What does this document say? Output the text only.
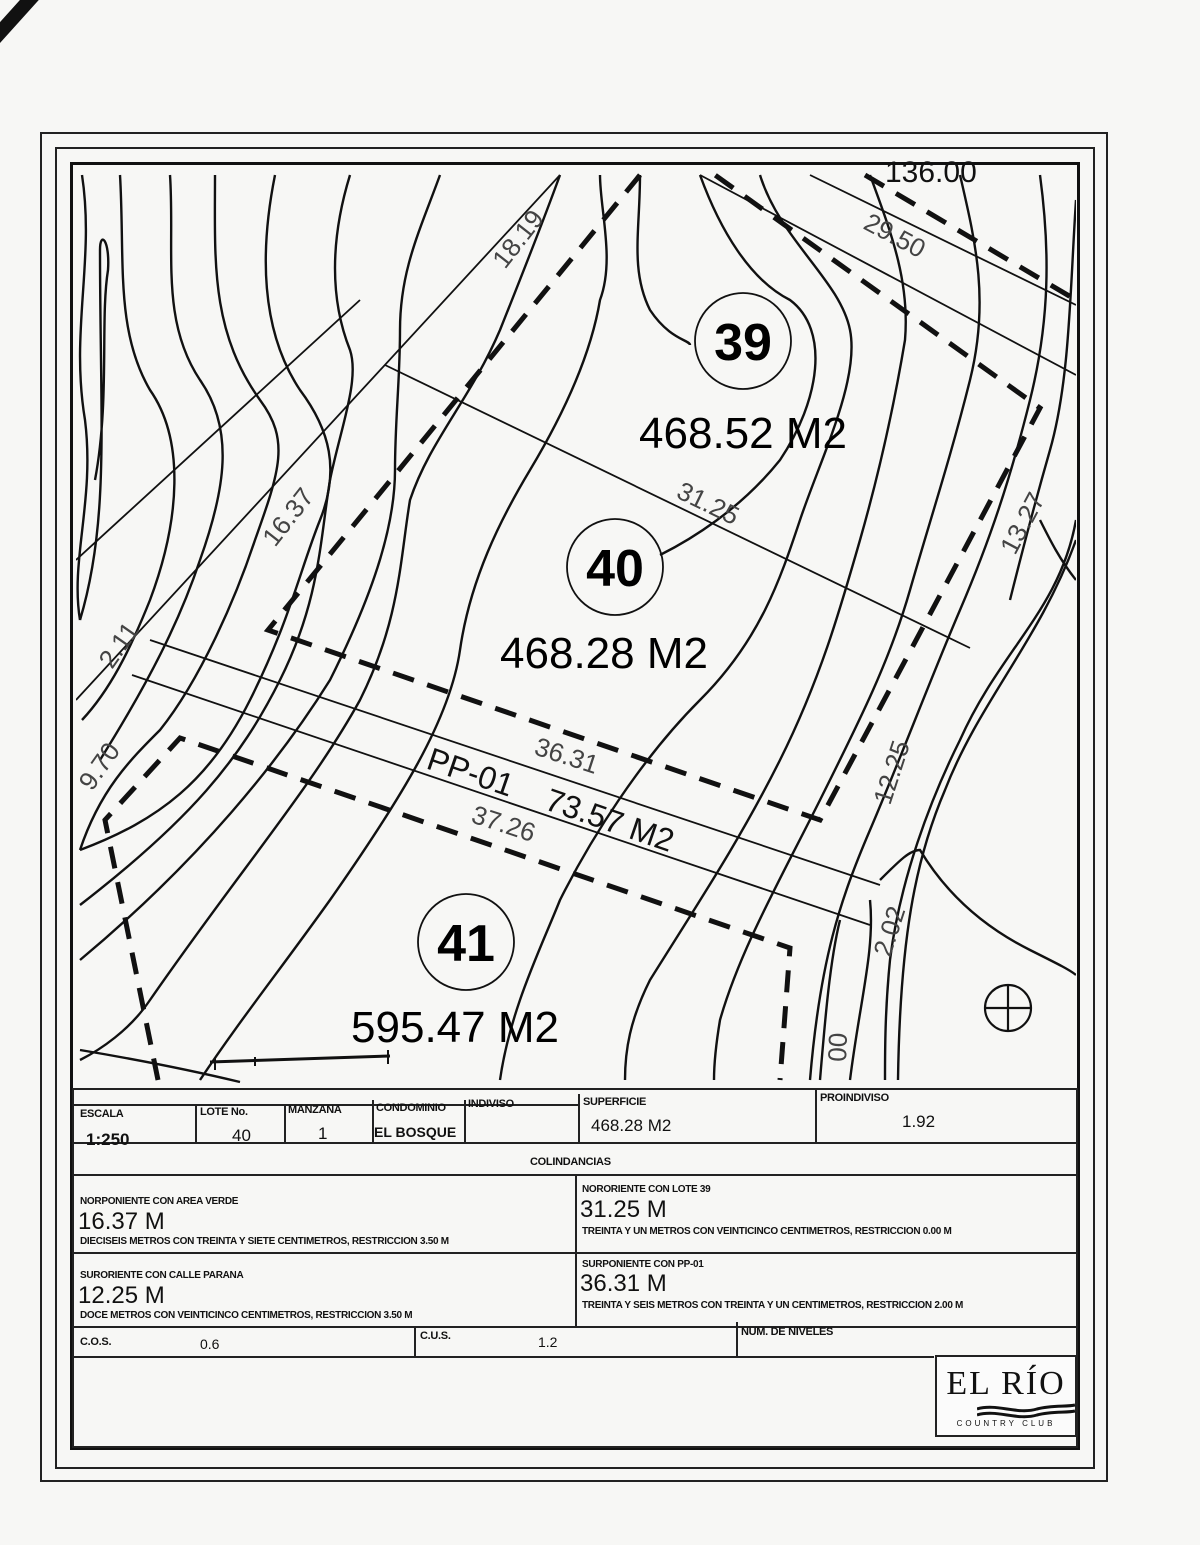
136.00
18.19	29.50
16.37	31.25	13.27
2.11
9.70	36.31
37.26
12.25
2.02
00
39
468.52 M2
40
468.28 M2
41
595.47 M2
PP-01
73.57 M2
ESCALA
1:250
LOTE No.
40
MANZANA
1
CONDOMINIO
EL BOSQUE
INDIVISO	SUPERFICIE
468.28 M2
PROINDIVISO
1.92
COLINDANCIAS
NORPONIENTE CON AREA VERDE
16.37 M
DIECISEIS METROS CON TREINTA Y SIETE CENTIMETROS, RESTRICCION 3.50 M
NORORIENTE CON LOTE 39
31.25 M
TREINTA Y UN METROS CON VEINTICINCO CENTIMETROS, RESTRICCION 0.00 M
SURORIENTE CON CALLE PARANA
12.25 M
DOCE METROS CON VEINTICINCO CENTIMETROS, RESTRICCION 3.50 M
SURPONIENTE CON PP-01
36.31 M
TREINTA Y SEIS METROS CON TREINTA Y UN CENTIMETROS, RESTRICCION 2.00 M
C.O.S.	0.6	C.U.S.	1.2
NUM. DE NIVELES
EL RÍO
COUNTRY CLUB
